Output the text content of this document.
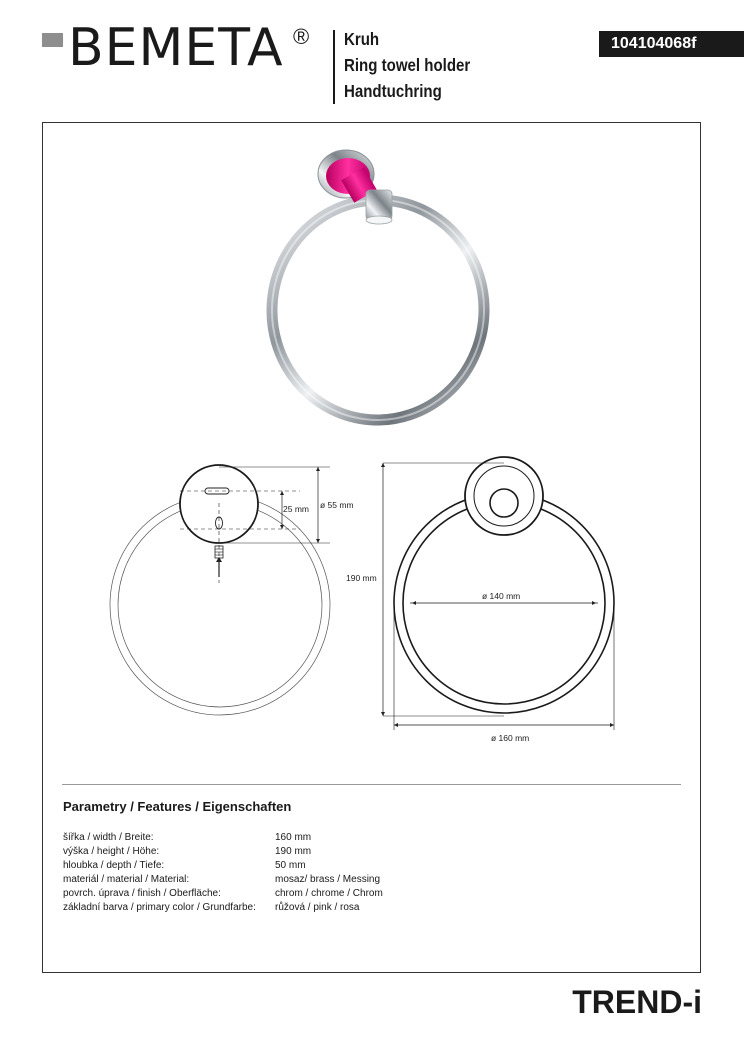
BEMETA ® Kruh
Ring towel holder
Handtuchring
104104068f
25 mm ø 55 mm
ø 140 mm
190 mm
ø 160 mm
Parametry / Features / Eigenschaften
šířka / width / Breite:	160 mm
výška / height / Höhe:	190 mm
hloubka / depth / Tiefe:	50 mm
materiál / material / Material:	mosaz/ brass / Messing
povrch. úprava / finish / Oberfläche:	chrom / chrome / Chrom
základní barva / primary color / Grundfarbe:	růžová / pink / rosa
TREND-i
